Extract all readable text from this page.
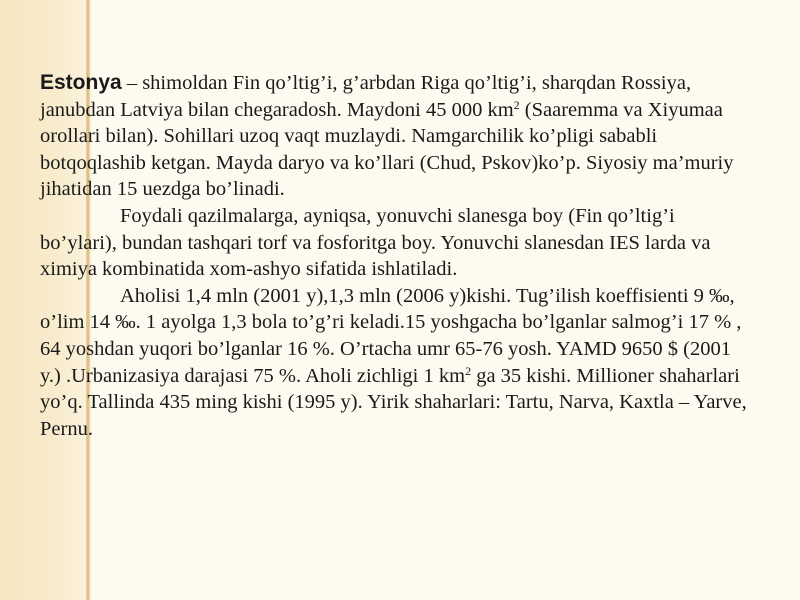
Estonya – shimoldan Fin qo’ltig’i, g’arbdan Riga qo’ltig’i, sharqdan Rossiya, janubdan Latviya bilan chegaradosh. Maydoni 45 000 $km^2$ (Saaremma va Xiyumaa orollari bilan). Sohillari uzoq vaqt muzlaydi. Namgarchilik ko’pligi sababli botqoqlashib ketgan. Mayda daryo va ko’llari (Chud, Pskov)ko’p. Siyosiy ma’muriy jihatidan 15 uezdga bo’linadi.

Foydali qazilmalarga, ayniqsa, yonuvchi slanesga boy (Fin qo’ltig’i bo’ylari), bundan tashqari torf va fosforitga boy. Yonuvchi slanesdan IES larda va ximiya kombinatida xom-ashyo sifatida ishlatiladi.

Aholisi 1,4 mln (2001 y),1,3 mln (2006 y)kishi. Tug’ilish koeffisienti 9 ‰, o’lim 14 ‰. 1 ayolga 1,3 bola to’g’ri keladi.15 yoshgacha bo’lganlar salmog’i 17 % , 64 yoshdan yuqori bo’lganlar 16 %. O’rtacha umr 65-76 yosh. YAMD 9650 $ (2001 y.) .Urbanizasiya darajasi 75 %. Aholi zichligi 1 $km^2$ ga 35 kishi. Millioner shaharlari yo’q. Tallinda 435 ming kishi (1995 y). Yirik shaharlari: Tartu, Narva, Kaxtla – Yarve, Pernu.
